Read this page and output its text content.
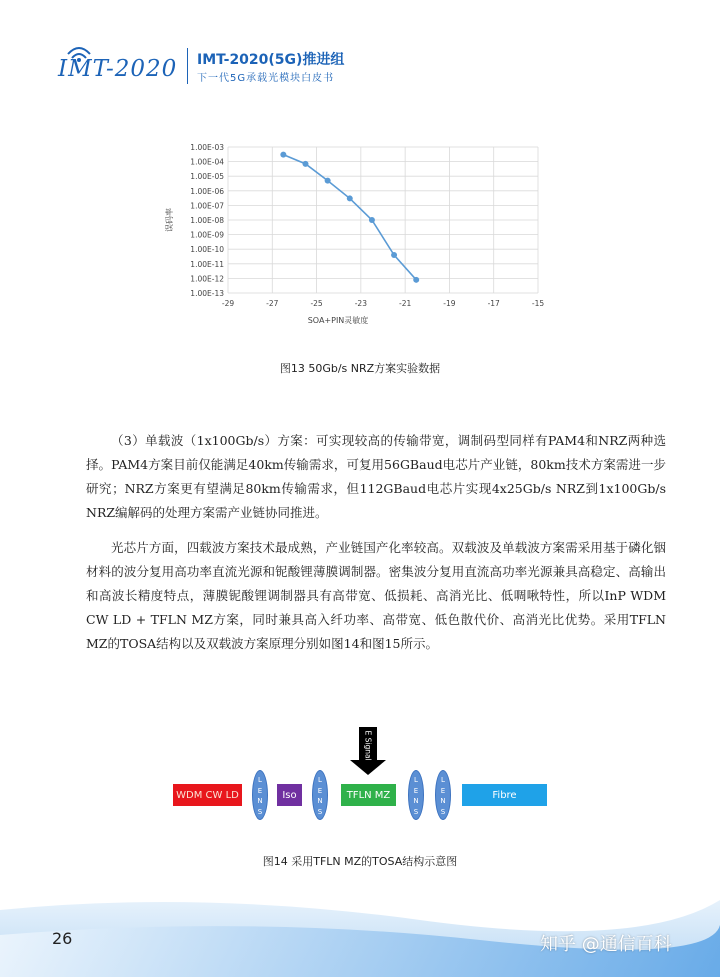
IMT-2020 IMT-2020(5G)推进组
下一代5G承载光模块白皮书
1.00E-03
1.00E-04
1.00E-05
1.00E-06
1.00E-07
1.00E-08
1.00E-09
1.00E-10
1.00E-11
1.00E-12
1.00E-13
-29	-27	-25	-23	-21	-19	-17	-15
SOA+PIN灵敏度
误码率
图13 50Gb/s NRZ方案实验数据
（3）单载波（1x100Gb/s）方案：可实现较高的传输带宽，调制码型同样有PAM4和NRZ两种选择。PAM4方案目前仅能满足40km传输需求，可复用56GBaud电芯片产业链，80km技术方案需进一步研究；NRZ方案更有望满足80km传输需求，但112GBaud电芯片实现4x25Gb/s NRZ到1x100Gb/s NRZ编解码的处理方案需产业链协同推进。
光芯片方面，四载波方案技术最成熟，产业链国产化率较高。双载波及单载波方案需采用基于磷化铟材料的波分复用高功率直流光源和铌酸锂薄膜调制器。密集波分复用直流高功率光源兼具高稳定、高输出和高波长精度特点，薄膜铌酸锂调制器具有高带宽、低损耗、高消光比、低啁啾特性，所以InP WDM CW LD + TFLN MZ方案，同时兼具高入纤功率、高带宽、低色散代价、高消光比优势。采用TFLN MZ的TOSA结构以及双载波方案原理分别如图14和图15所示。
E Signal
WDM CW LD
L
E
N
S
Iso
L
E
N
S
TFLN MZ
L
E
N
S
L
E
N
S
Fibre
图14 采用TFLN MZ的TOSA结构示意图
26	知乎 @通信百科
